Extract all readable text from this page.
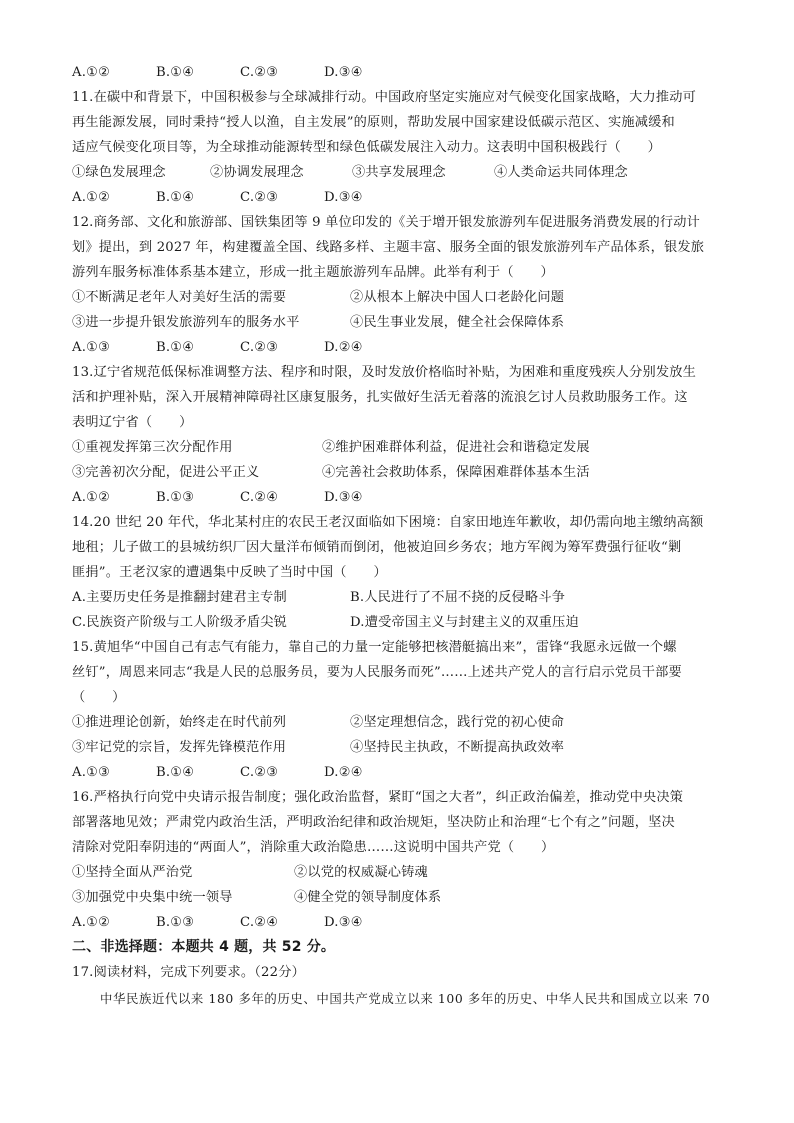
A.①②	B.①④	C.②③	D.③④
11.在碳中和背景下，中国积极参与全球减排行动。中国政府坚定实施应对气候变化国家战略，大力推动可
再生能源发展，同时秉持“授人以渔，自主发展”的原则，帮助发展中国家建设低碳示范区、实施减缓和
适应气候变化项目等，为全球推动能源转型和绿色低碳发展注入动力。这表明中国积极践行（　　）
①绿色发展理念	②协调发展理念	③共享发展理念	④人类命运共同体理念
A.①②	B.①④	C.②③	D.③④
12.商务部、文化和旅游部、国铁集团等 9 单位印发的《关于增开银发旅游列车促进服务消费发展的行动计
划》提出，到 2027 年，构建覆盖全国、线路多样、主题丰富、服务全面的银发旅游列车产品体系，银发旅
游列车服务标准体系基本建立，形成一批主题旅游列车品牌。此举有利于（　　）
①不断满足老年人对美好生活的需要	②从根本上解决中国人口老龄化问题
③进一步提升银发旅游列车的服务水平	④民生事业发展，健全社会保障体系
A.①③	B.①④	C.②③	D.②④
13.辽宁省规范低保标准调整方法、程序和时限，及时发放价格临时补贴，为困难和重度残疾人分别发放生
活和护理补贴，深入开展精神障碍社区康复服务，扎实做好生活无着落的流浪乞讨人员救助服务工作。这
表明辽宁省（　　）
①重视发挥第三次分配作用	②维护困难群体利益，促进社会和谐稳定发展
③完善初次分配，促进公平正义	④完善社会救助体系，保障困难群体基本生活
A.①②	B.①③	C.②④	D.③④
14.20 世纪 20 年代，华北某村庄的农民王老汉面临如下困境：自家田地连年歉收，却仍需向地主缴纳高额
地租；儿子做工的县城纺织厂因大量洋布倾销而倒闭，他被迫回乡务农；地方军阀为筹军费强行征收“剿
匪捐”。王老汉家的遭遇集中反映了当时中国（　　）
A.主要历史任务是推翻封建君主专制	B.人民进行了不屈不挠的反侵略斗争
C.民族资产阶级与工人阶级矛盾尖锐	D.遭受帝国主义与封建主义的双重压迫
15.黄旭华“中国自己有志气有能力，靠自己的力量一定能够把核潜艇搞出来”，雷锋“我愿永远做一个螺
丝钉”，周恩来同志“我是人民的总服务员，要为人民服务而死”……上述共产党人的言行启示党员干部要
（　　）
①推进理论创新，始终走在时代前列	②坚定理想信念，践行党的初心使命
③牢记党的宗旨，发挥先锋模范作用	④坚持民主执政，不断提高执政效率
A.①③	B.①④	C.②③	D.②④
16.严格执行向党中央请示报告制度；强化政治监督，紧盯“国之大者”，纠正政治偏差，推动党中央决策
部署落地见效；严肃党内政治生活，严明政治纪律和政治规矩，坚决防止和治理“七个有之”问题，坚决
清除对党阳奉阴违的“两面人”，消除重大政治隐患……这说明中国共产党（　　）
①坚持全面从严治党	②以党的权威凝心铸魂
③加强党中央集中统一领导	④健全党的领导制度体系
A.①②	B.①③	C.②④	D.③④
二、非选择题：本题共 4 题，共 52 分。
17.阅读材料，完成下列要求。（22分）
中华民族近代以来 180 多年的历史、中国共产党成立以来 100 多年的历史、中华人民共和国成立以来 70
